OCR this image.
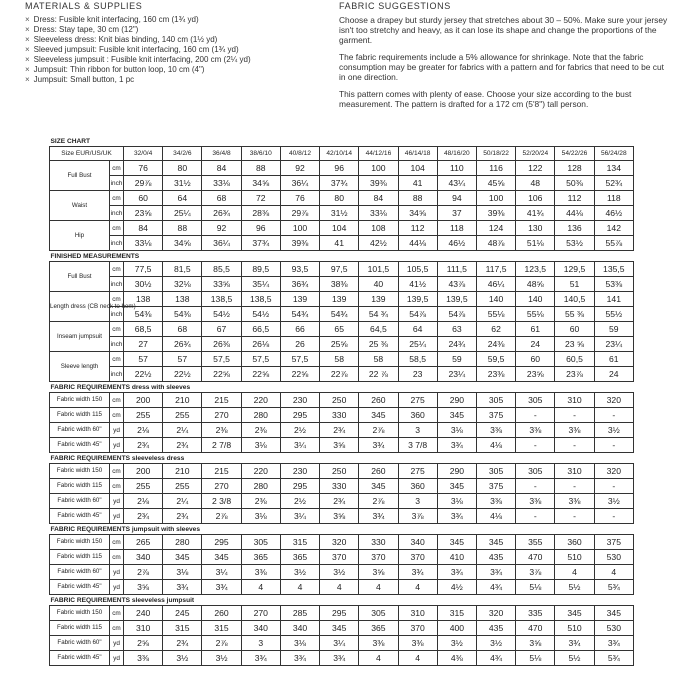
MATERIALS & SUPPLIES
× Dress: Fusible knit interfacing, 160 cm (1¾ yd)
× Dress: Stay tape, 30 cm (12")
× Sleeveless dress: Knit bias binding, 140 cm (1½ yd)
× Sleeved jumpsuit: Fusible knit interfacing, 160 cm (1¾ yd)
× Sleeveless jumpsuit : Fusible knit interfacing, 200 cm (2¼ yd)
× Jumpsuit: Thin ribbon for button loop, 10 cm (4")
× Jumpsuit: Small button, 1 pc
FABRIC SUGGESTIONS

Choose a drapey but sturdy jersey that stretches about 30 – 50%. Make sure your jersey isn't too stretchy and heavy, as it can lose its shape and change the proportions of the garment.

The fabric requirements include a 5% allowance for shrinkage. Note that the fabric consumption may be greater for fabrics with a pattern and for fabrics that need to be cut in one direction.

This pattern comes with plenty of ease. Choose your size according to the bust measurement. The pattern is drafted for a 172 cm (5'8") tall person.

SIZE CHART														
Size EUR/US/UK		32/0/4	34/2/6	36/4/8	38/6/10	40/8/12	42/10/14	44/12/16	46/14/18	48/16/20	50/18/22	52/20/24	54/22/26	56/24/28
Full Bust	cm	76	80	84	88	92	96	100	104	110	116	122	128	134
	inch	29⅞	31½	33⅛	34⅝	36¼	37¾	39⅜	41	43¼	45⅝	48	50⅜	52¾
Waist	cm	60	64	68	72	76	80	84	88	94	100	106	112	118
	inch	23⅝	25¼	26¾	28⅜	29⅞	31½	33⅛	34⅝	37	39⅜	41¾	44⅛	46½
Hip	cm	84	88	92	96	100	104	108	112	118	124	130	136	142
	inch	33⅛	34⅝	36¼	37¾	39⅜	41	42½	44⅛	46½	48⅞	51⅛	53½	55⅞
FINISHED MEASUREMENTS														
Full Bust	cm	77,5	81,5	85,5	89,5	93,5	97,5	101,5	105,5	111,5	117,5	123,5	129,5	135,5
	inch	30½	32⅛	33⅝	35¼	36¾	38⅜	40	41½	43⅞	46¼	48⅝	51	53⅜
Length dress (CB neck to hem)	cm	138	138	138,5	138,5	139	139	139	139,5	139,5	140	140	140,5	141
	inch	54⅜	54⅜	54½	54½	54¾	54¾	54 ¾	54⅞	54⅞	55⅛	55⅛	55 ⅜	55½
Inseam jumpsuit	cm	68,5	68	67	66,5	66	65	64,5	64	63	62	61	60	59
	inch	27	26¾	26⅜	26⅛	26	25⅝	25 ⅜	25¼	24¾	24⅜	24	23 ⅝	23¼
Sleeve length	cm	57	57	57,5	57,5	57,5	58	58	58,5	59	59,5	60	60,5	61
	inch	22½	22½	22⅝	22⅝	22⅝	22⅞	22 ⅞	23	23¼	23⅜	23⅝	23⅞	24
FABRIC REQUIREMENTS dress with sleeves														
Fabric width 150	cm	200	210	215	220	230	250	260	275	290	305	305	310	320
Fabric width 115	cm	255	255	270	280	295	330	345	360	345	375	-	-	-
Fabric width 60"	yd	2⅛	2¼	2⅜	2⅜	2½	2¾	2⅞	3	3⅛	3⅜	3⅜	3⅜	3½
Fabric width 45"	yd	2¾	2¾	2 7/8	3⅛	3¼	3⅝	3¾	3 7/8	3¾	4⅛	-	-	-
FABRIC REQUIREMENTS sleeveless dress														
Fabric width 150	cm	200	210	215	220	230	250	260	275	290	305	305	310	320
Fabric width 115	cm	255	255	270	280	295	330	345	360	345	375	-	-	-
Fabric width 60"	yd	2⅛	2¼	2 3/8	2⅜	2½	2¾	2⅞	3	3⅛	3⅜	3⅜	3⅜	3½
Fabric width 45"	yd	2¾	2¾	2⅞	3⅛	3¼	3⅝	3¾	3⅞	3¾	4⅛	-	-	-
FABRIC REQUIREMENTS jumpsuit with sleeves														
Fabric width 150	cm	265	280	295	305	315	320	330	340	345	345	355	360	375
Fabric width 115	cm	340	345	345	365	365	370	370	370	410	435	470	510	530
Fabric width 60"	yd	2⅞	3⅛	3¼	3⅜	3½	3½	3⅝	3¾	3¾	3¾	3⅞	4	4
Fabric width 45"	yd	3⅝	3¾	3¾	4	4	4	4	4	4½	4¾	5⅛	5½	5¾
FABRIC REQUIREMENTS sleeveless jumpsuit														
Fabric width 150	cm	240	245	260	270	285	295	305	310	315	320	335	345	345
Fabric width 115	cm	310	315	315	340	340	345	365	370	400	435	470	510	530
Fabric width 60"	yd	2⅝	2¾	2⅞	3	3⅛	3¼	3⅜	3⅜	3½	3½	3⅝	3¾	3¾
Fabric width 45"	yd	3⅜	3½	3½	3¾	3¾	3¾	4	4	4⅜	4¾	5⅛	5½	5¾
